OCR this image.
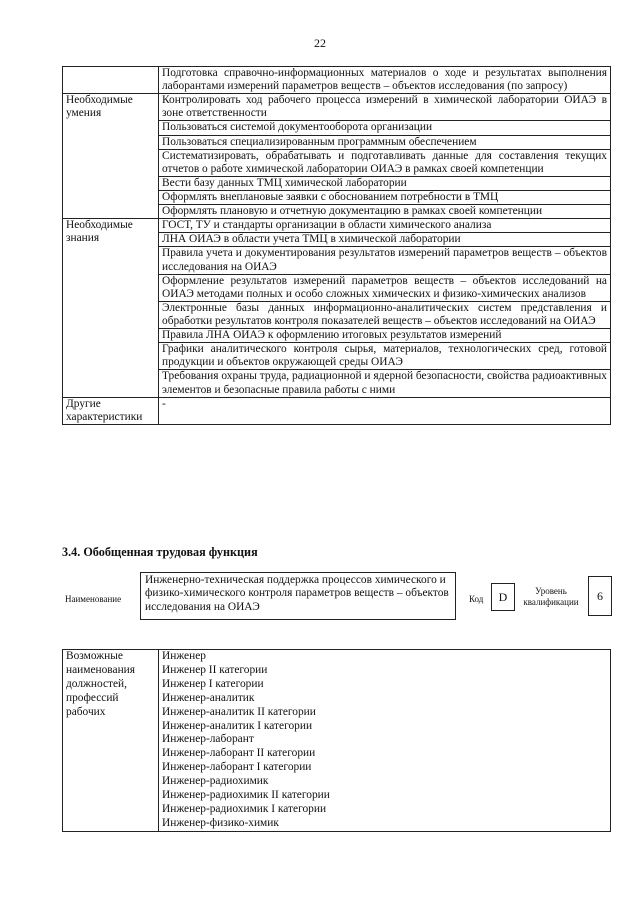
22
	Подготовка справочно-информационных материалов о ходе и результатах выполнения лаборантами измерений параметров веществ – объектов исследования (по запросу)
Необходимые умения	Контролировать ход рабочего процесса измерений в химической лаборатории ОИАЭ в зоне ответственности
	Пользоваться системой документооборота организации
	Пользоваться специализированным программным обеспечением
	Систематизировать, обрабатывать и подготавливать данные для составления текущих отчетов о работе химической лаборатории ОИАЭ в рамках своей компетенции
	Вести базу данных ТМЦ химической лаборатории
	Оформлять внеплановые заявки с обоснованием потребности в ТМЦ
	Оформлять плановую и отчетную документацию в рамках своей компетенции
Необходимые знания	ГОСТ, ТУ и стандарты организации в области химического анализа
	ЛНА ОИАЭ в области учета ТМЦ в химической лаборатории
	Правила учета и документирования результатов измерений параметров веществ – объектов исследования на ОИАЭ
	Оформление результатов измерений параметров веществ – объектов исследований на ОИАЭ методами полных и особо сложных химических и физико-химических анализов
	Электронные базы данных информационно-аналитических систем представления и обработки результатов контроля показателей веществ – объектов исследований на ОИАЭ
	Правила ЛНА ОИАЭ к оформлению итоговых результатов измерений
	Графики аналитического контроля сырья, материалов, технологических сред, готовой продукции и объектов окружающей среды ОИАЭ
	Требования охраны труда, радиационной и ядерной безопасности, свойства радиоактивных элементов и безопасные правила работы с ними
Другие характеристики	-
3.4. Обобщенная трудовая функция
Наименование
Инженерно-техническая поддержка процессов химического и физико-химического контроля параметров веществ – объектов исследования на ОИАЭ
Код	D	Уровень квалификации	6
Возможные наименования должностей, профессий рабочих	
Инженер
Инженер II категории
Инженер I категории
Инженер-аналитик
Инженер-аналитик II категории
Инженер-аналитик I категории
Инженер-лаборант
Инженер-лаборант II категории
Инженер-лаборант I категории
Инженер-радиохимик
Инженер-радиохимик II категории
Инженер-радиохимик I категории
Инженер-физико-химик
